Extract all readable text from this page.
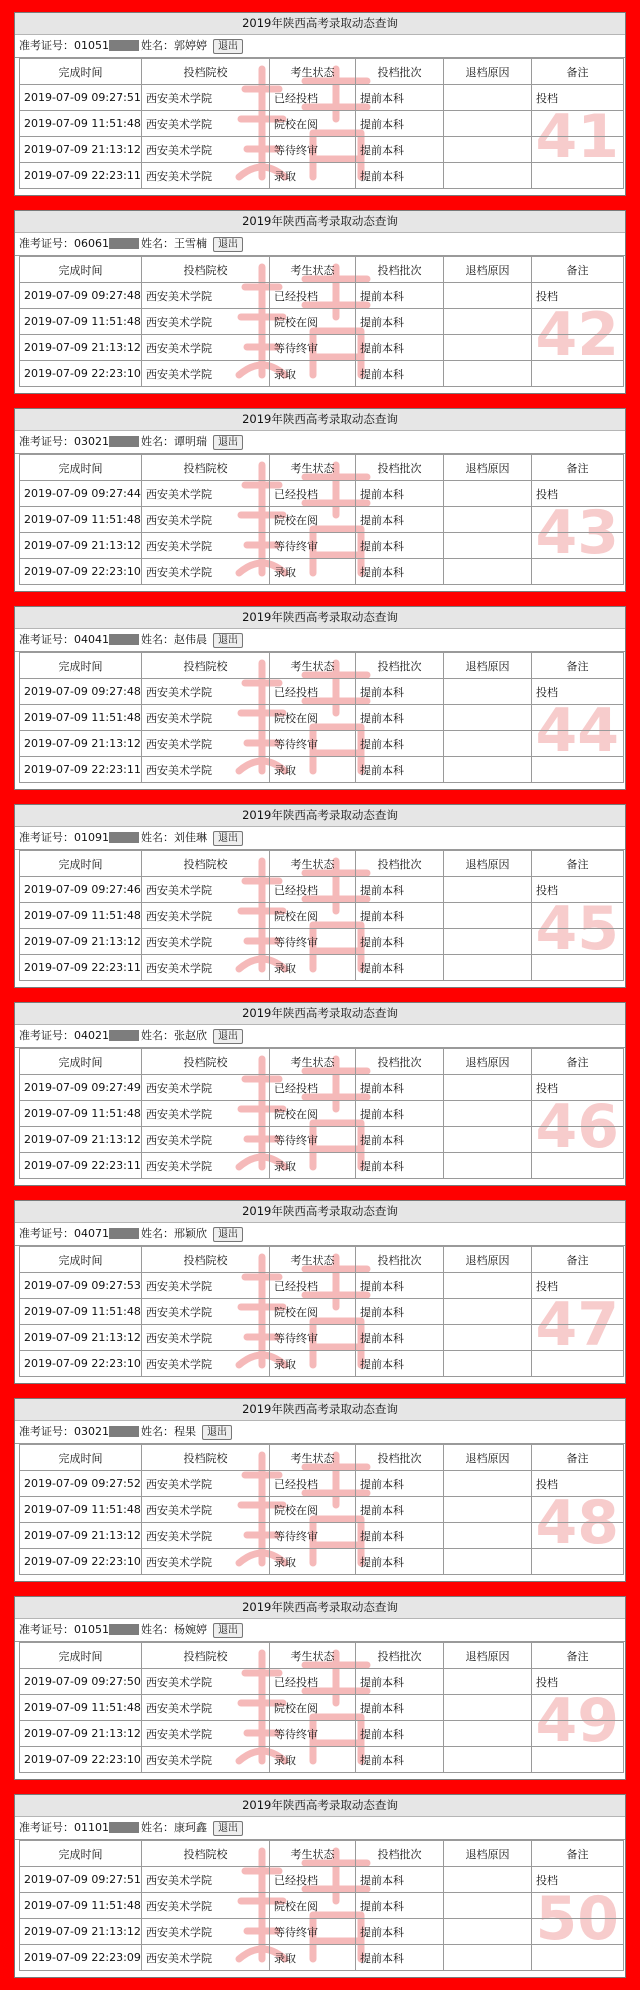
41
2019年陕西高考录取动态查询
准考证号：01051	姓名：郭婷婷 退出
完成时间	投档院校	考生状态	投档批次	退档原因	备注
2019-07-09 09:27:51	西安美术学院	已经投档	提前本科		投档
2019-07-09 11:51:48	西安美术学院	院校在阅	提前本科		
2019-07-09 21:13:12	西安美术学院	等待终审	提前本科		
2019-07-09 22:23:11	西安美术学院	录取	提前本科		
42
2019年陕西高考录取动态查询
准考证号：06061	姓名：王雪楠 退出
完成时间	投档院校	考生状态	投档批次	退档原因	备注
2019-07-09 09:27:48	西安美术学院	已经投档	提前本科		投档
2019-07-09 11:51:48	西安美术学院	院校在阅	提前本科		
2019-07-09 21:13:12	西安美术学院	等待终审	提前本科		
2019-07-09 22:23:10	西安美术学院	录取	提前本科		
43
2019年陕西高考录取动态查询
准考证号：03021	姓名：谭明瑞 退出
完成时间	投档院校	考生状态	投档批次	退档原因	备注
2019-07-09 09:27:44	西安美术学院	已经投档	提前本科		投档
2019-07-09 11:51:48	西安美术学院	院校在阅	提前本科		
2019-07-09 21:13:12	西安美术学院	等待终审	提前本科		
2019-07-09 22:23:10	西安美术学院	录取	提前本科		
44
2019年陕西高考录取动态查询
准考证号：04041	姓名：赵伟晨 退出
完成时间	投档院校	考生状态	投档批次	退档原因	备注
2019-07-09 09:27:48	西安美术学院	已经投档	提前本科		投档
2019-07-09 11:51:48	西安美术学院	院校在阅	提前本科		
2019-07-09 21:13:12	西安美术学院	等待终审	提前本科		
2019-07-09 22:23:11	西安美术学院	录取	提前本科		
45
2019年陕西高考录取动态查询
准考证号：01091	姓名：刘佳琳 退出
完成时间	投档院校	考生状态	投档批次	退档原因	备注
2019-07-09 09:27:46	西安美术学院	已经投档	提前本科		投档
2019-07-09 11:51:48	西安美术学院	院校在阅	提前本科		
2019-07-09 21:13:12	西安美术学院	等待终审	提前本科		
2019-07-09 22:23:11	西安美术学院	录取	提前本科		
46
2019年陕西高考录取动态查询
准考证号：04021	姓名：张赵欣 退出
完成时间	投档院校	考生状态	投档批次	退档原因	备注
2019-07-09 09:27:49	西安美术学院	已经投档	提前本科		投档
2019-07-09 11:51:48	西安美术学院	院校在阅	提前本科		
2019-07-09 21:13:12	西安美术学院	等待终审	提前本科		
2019-07-09 22:23:11	西安美术学院	录取	提前本科		
47
2019年陕西高考录取动态查询
准考证号：04071	姓名：邢颖欣 退出
完成时间	投档院校	考生状态	投档批次	退档原因	备注
2019-07-09 09:27:53	西安美术学院	已经投档	提前本科		投档
2019-07-09 11:51:48	西安美术学院	院校在阅	提前本科		
2019-07-09 21:13:12	西安美术学院	等待终审	提前本科		
2019-07-09 22:23:10	西安美术学院	录取	提前本科		
48
2019年陕西高考录取动态查询
准考证号：03021	姓名：程果 退出
完成时间	投档院校	考生状态	投档批次	退档原因	备注
2019-07-09 09:27:52	西安美术学院	已经投档	提前本科		投档
2019-07-09 11:51:48	西安美术学院	院校在阅	提前本科		
2019-07-09 21:13:12	西安美术学院	等待终审	提前本科		
2019-07-09 22:23:10	西安美术学院	录取	提前本科		
49
2019年陕西高考录取动态查询
准考证号：01051	姓名：杨婉婷 退出
完成时间	投档院校	考生状态	投档批次	退档原因	备注
2019-07-09 09:27:50	西安美术学院	已经投档	提前本科		投档
2019-07-09 11:51:48	西安美术学院	院校在阅	提前本科		
2019-07-09 21:13:12	西安美术学院	等待终审	提前本科		
2019-07-09 22:23:10	西安美术学院	录取	提前本科		
50
2019年陕西高考录取动态查询
准考证号：01101	姓名：康珂鑫 退出
完成时间	投档院校	考生状态	投档批次	退档原因	备注
2019-07-09 09:27:51	西安美术学院	已经投档	提前本科		投档
2019-07-09 11:51:48	西安美术学院	院校在阅	提前本科		
2019-07-09 21:13:12	西安美术学院	等待终审	提前本科		
2019-07-09 22:23:09	西安美术学院	录取	提前本科		
